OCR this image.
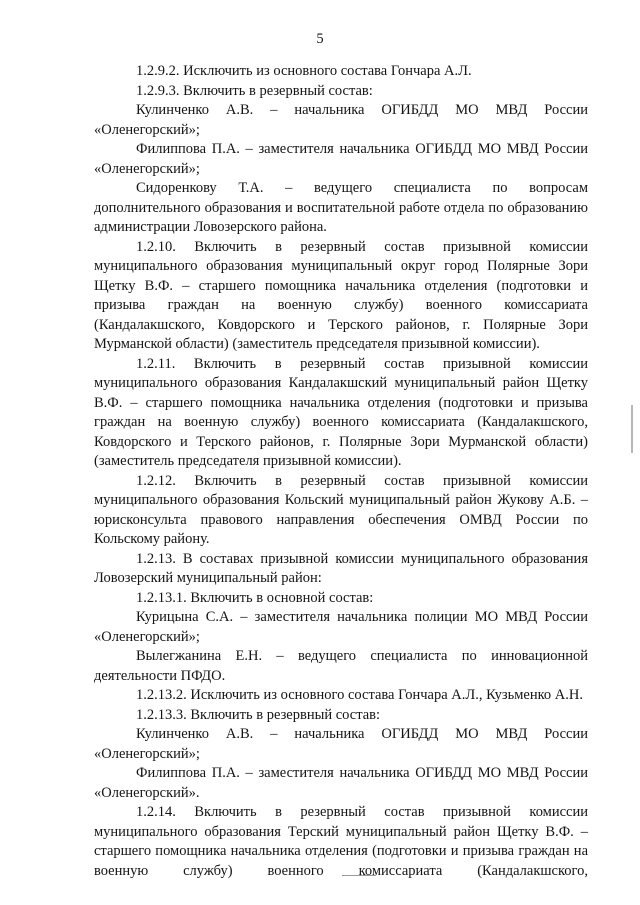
5

1.2.9.2. Исключить из основного состава Гончара А.Л.

1.2.9.3. Включить в резервный состав:

Кулинченко А.В. – начальника ОГИБДД МО МВД России «Оленегорский»;

Филиппова П.А. – заместителя начальника ОГИБДД МО МВД России «Оленегорский»;

Сидоренкову Т.А. – ведущего специалиста по вопросам дополнительного образования и воспитательной работе отдела по образованию администрации Ловозерского района.

1.2.10. Включить в резервный состав призывной комиссии муниципального образования муниципальный округ город Полярные Зори Щетку В.Ф. – старшего помощника начальника отделения (подготовки и призыва граждан на военную службу) военного комиссариата (Кандалакшского, Ковдорского и Терского районов, г. Полярные Зори Мурманской области) (заместитель председателя призывной комиссии).

1.2.11. Включить в резервный состав призывной комиссии муниципального образования Кандалакшский муниципальный район Щетку В.Ф. – старшего помощника начальника отделения (подготовки и призыва граждан на военную службу) военного комиссариата (Кандалакшского, Ковдорского и Терского районов, г. Полярные Зори Мурманской области) (заместитель председателя призывной комиссии).

1.2.12. Включить в резервный состав призывной комиссии муниципального образования Кольский муниципальный район Жукову А.Б. – юрисконсульта правового направления обеспечения ОМВД России по Кольскому району.

1.2.13. В составах призывной комиссии муниципального образования Ловозерский муниципальный район:

1.2.13.1. Включить в основной состав:

Курицына С.А. – заместителя начальника полиции МО МВД России «Оленегорский»;

Вылегжанина Е.Н. – ведущего специалиста по инновационной деятельности ПФДО.

1.2.13.2. Исключить из основного состава Гончара А.Л., Кузьменко А.Н.

1.2.13.3. Включить в резервный состав:

Кулинченко А.В. – начальника ОГИБДД МО МВД России «Оленегорский»;

Филиппова П.А. – заместителя начальника ОГИБДД МО МВД России «Оленегорский».

1.2.14. Включить в резервный состав призывной комиссии муниципального образования Терский муниципальный район Щетку В.Ф. – старшего помощника начальника отделения (подготовки и призыва граждан на военную службу) военного комиссариата (Кандалакшского,
